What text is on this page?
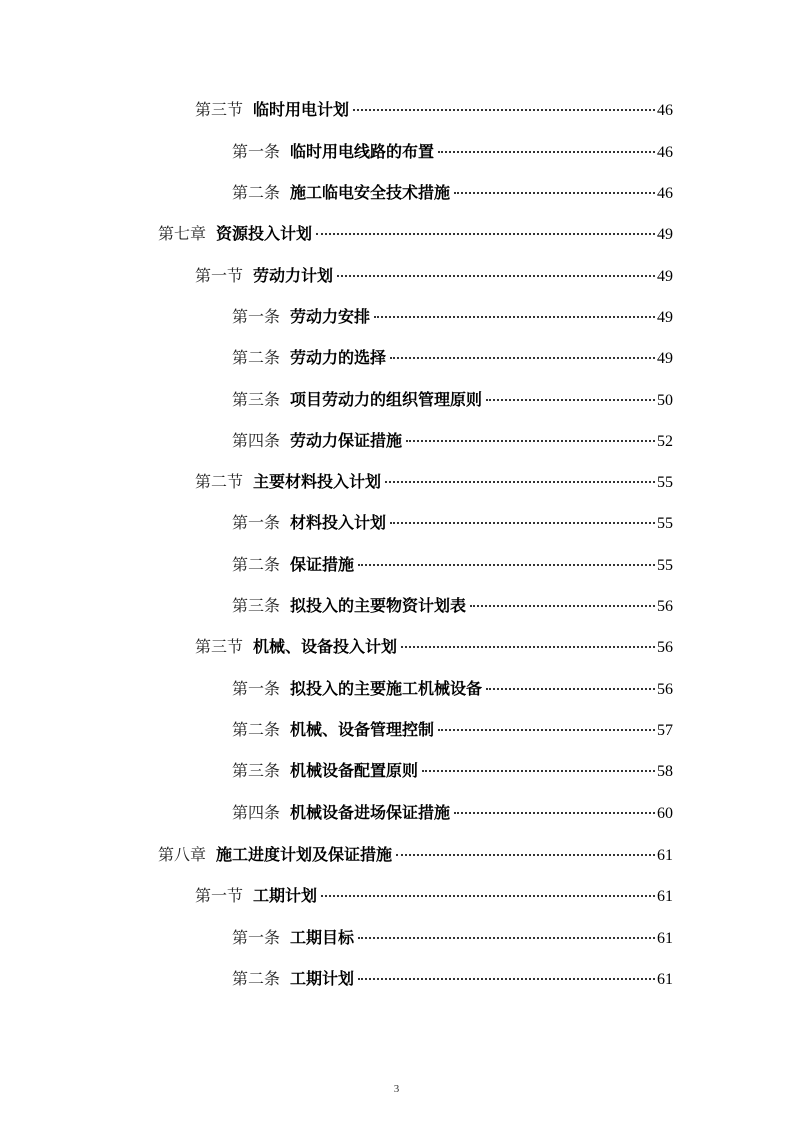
第三节 临时用电计划	46
第一条 临时用电线路的布置	46
第二条 施工临电安全技术措施	46
第七章 资源投入计划	49
第一节 劳动力计划	49
第一条 劳动力安排	49
第二条 劳动力的选择	49
第三条 项目劳动力的组织管理原则	50
第四条 劳动力保证措施	52
第二节 主要材料投入计划	55
第一条 材料投入计划	55
第二条 保证措施	55
第三条 拟投入的主要物资计划表	56
第三节 机械、设备投入计划	56
第一条 拟投入的主要施工机械设备	56
第二条 机械、设备管理控制	57
第三条 机械设备配置原则	58
第四条 机械设备进场保证措施	60
第八章 施工进度计划及保证措施	61
第一节 工期计划	61
第一条 工期目标	61
第二条 工期计划	61
3
